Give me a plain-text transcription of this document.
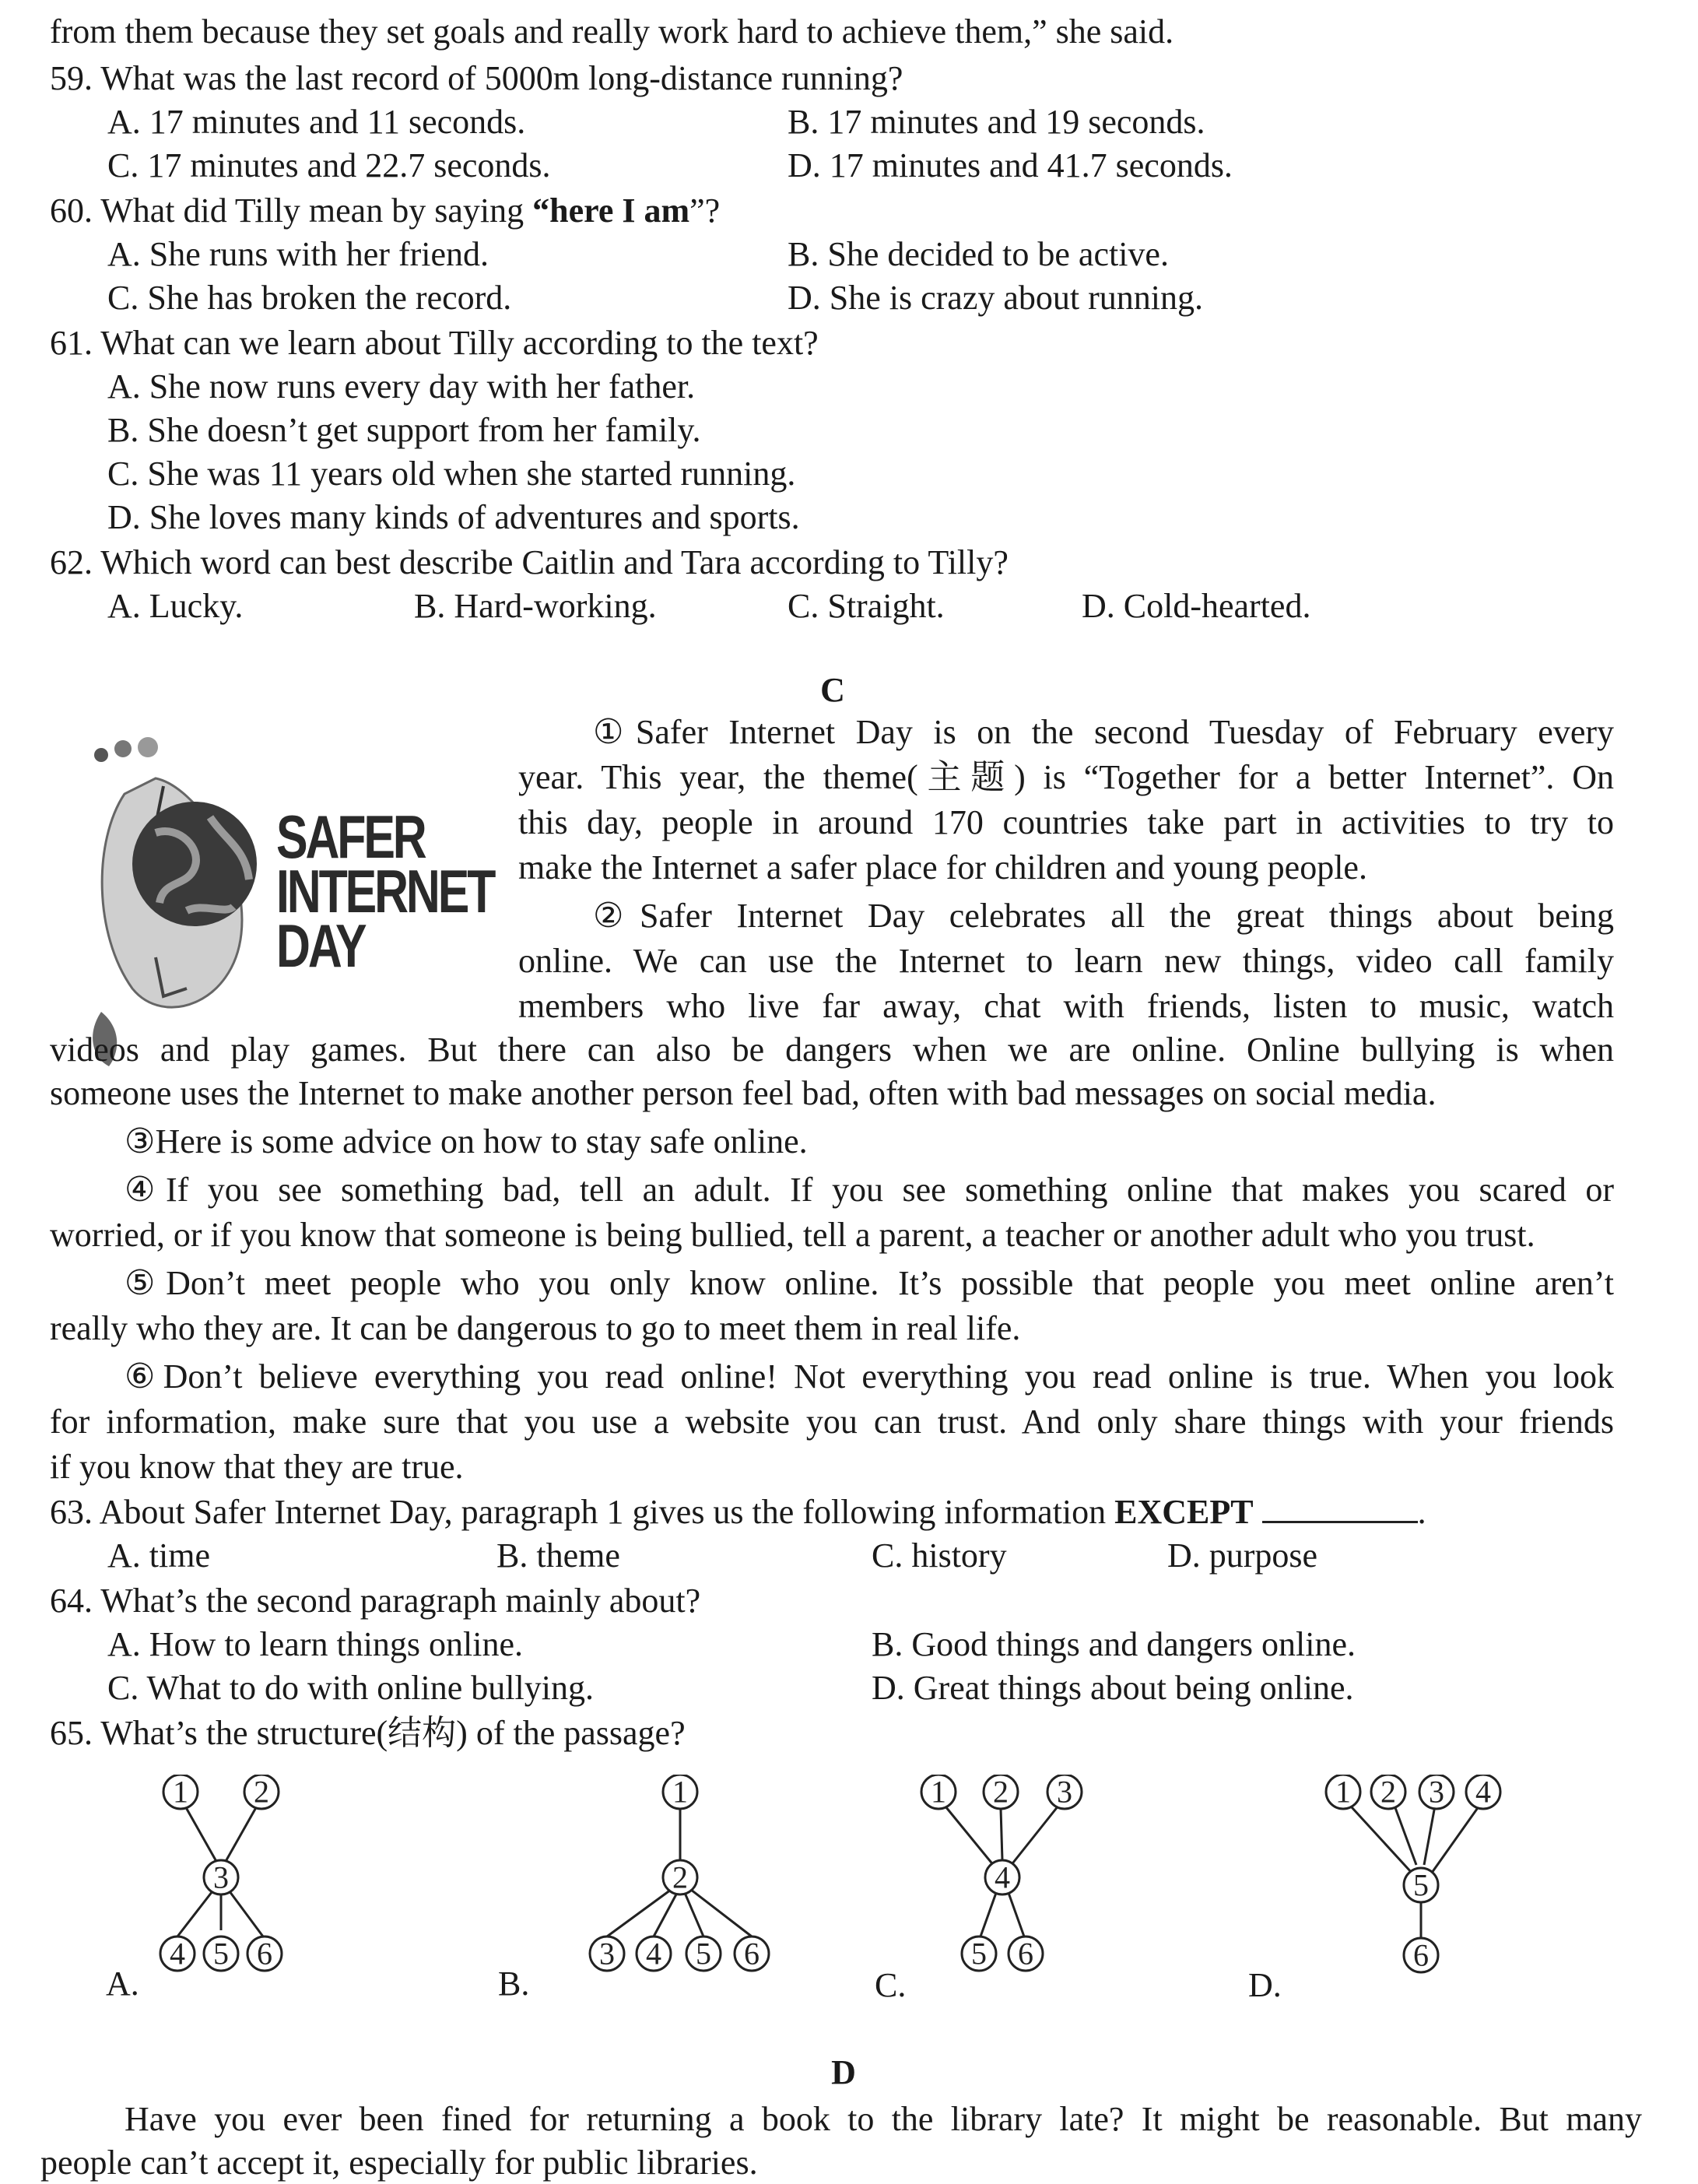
from them because they set goals and really work hard to achieve them,” she said.
59. What was the last record of 5000m long-distance running?
A. 17 minutes and 11 seconds.	B. 17 minutes and 19 seconds.
C. 17 minutes and 22.7 seconds.	D. 17 minutes and 41.7 seconds.
60. What did Tilly mean by saying “here I am”?
A. She runs with her friend.	B. She decided to be active.
C. She has broken the record.	D. She is crazy about running.
61. What can we learn about Tilly according to the text?
A. She now runs every day with her father.
B. She doesn’t get support from her family.
C. She was 11 years old when she started running.
D. She loves many kinds of adventures and sports.
62. Which word can best describe Caitlin and Tara according to Tilly?
A. Lucky.	B. Hard-working.	C. Straight.	D. Cold-hearted.
C
SAFER
INTERNET
DAY
①Safer Internet Day is on the second Tuesday of February every
year. This year, the theme(主题) is “Together for a better Internet”. On
this day, people in around 170 countries take part in activities to try to
make the Internet a safer place for children and young people.
②Safer Internet Day celebrates all the great things about being
online. We can use the Internet to learn new things, video call family
members who live far away, chat with friends, listen to music, watch
videos and play games. But there can also be dangers when we are online. Online bullying is when
someone uses the Internet to make another person feel bad, often with bad messages on social media.
③Here is some advice on how to stay safe online.
④If you see something bad, tell an adult. If you see something online that makes you scared or
worried, or if you know that someone is being bullied, tell a parent, a teacher or another adult who you trust.
⑤Don’t meet people who you only know online. It’s possible that people you meet online aren’t
really who they are. It can be dangerous to go to meet them in real life.
⑥Don’t believe everything you read online! Not everything you read online is true. When you look
for information, make sure that you use a website you can trust. And only share things with your friends
if you know that they are true.
63. About Safer Internet Day, paragraph 1 gives us the following information EXCEPT	.
A. time	B. theme	C. history	D. purpose
64. What’s the second paragraph mainly about?
A. How to learn things online.	B. Good things and dangers online.
C. What to do with online bullying.	D. Great things about being online.
65. What’s the structure(结构) of the passage?
A.
1 2
3
4 5 6
B.
1
2
3 4 5 6
C.
1 2 3
4
5 6
D.
1 2 3 4
5
6
D
Have you ever been fined for returning a book to the library late? It might be reasonable. But many
people can’t accept it, especially for public libraries.
